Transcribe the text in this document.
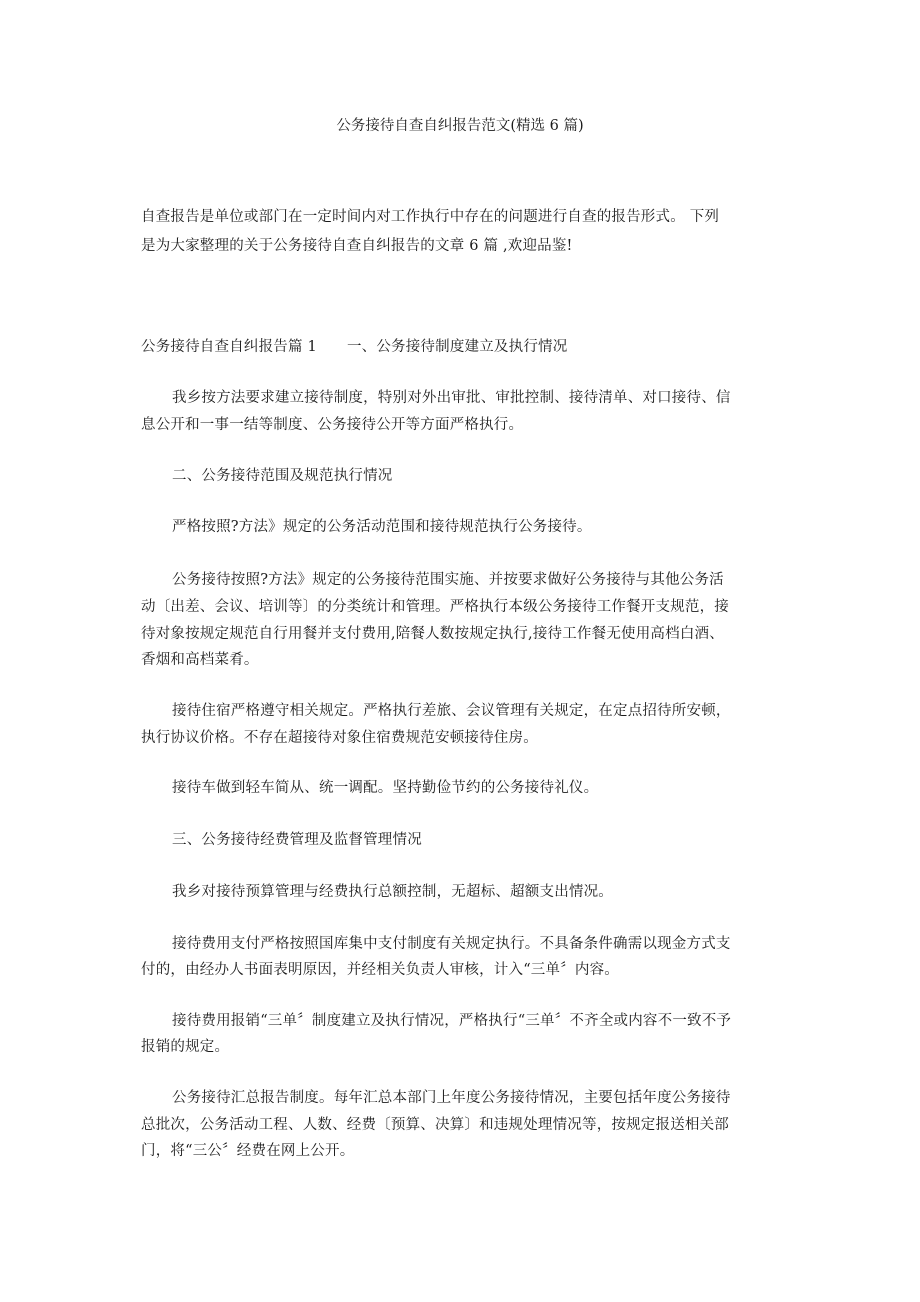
公务接待自查自纠报告范文(精选 6 篇)
自查报告是单位或部门在一定时间内对工作执行中存在的问题进行自查的报告形式。 下列
是为大家整理的关于公务接待自查自纠报告的文章 6 篇 ,欢迎品鉴!
公务接待自查自纠报告篇 1 一、公务接待制度建立及执行情况
我乡按方法要求建立接待制度，特别对外出审批、审批控制、接待清单、对口接待、信
息公开和一事一结等制度、公务接待公开等方面严格执行。
二、公务接待范围及规范执行情况
严格按照?方法》规定的公务活动范围和接待规范执行公务接待。
公务接待按照?方法》规定的公务接待范围实施、并按要求做好公务接待与其他公务活
动〔出差、会议、培训等〕的分类统计和管理。严格执行本级公务接待工作餐开支规范，接
待对象按规定规范自行用餐并支付费用,陪餐人数按规定执行,接待工作餐无使用高档白酒、
香烟和高档菜肴。
接待住宿严格遵守相关规定。严格执行差旅、会议管理有关规定，在定点招待所安顿，
执行协议价格。不存在超接待对象住宿费规范安顿接待住房。
接待车做到轻车简从、统一调配。坚持勤俭节约的公务接待礼仪。
三、公务接待经费管理及监督管理情况
我乡对接待预算管理与经费执行总额控制，无超标、超额支出情况。
接待费用支付严格按照国库集中支付制度有关规定执行。不具备条件确需以现金方式支
付的，由经办人书面表明原因，并经相关负责人审核，计入“三单〞内容。
接待费用报销“三单〞制度建立及执行情况，严格执行“三单〞不齐全或内容不一致不予
报销的规定。
公务接待汇总报告制度。每年汇总本部门上年度公务接待情况，主要包括年度公务接待
总批次，公务活动工程、人数、经费〔预算、决算〕和违规处理情况等，按规定报送相关部
门，将“三公〞经费在网上公开。
